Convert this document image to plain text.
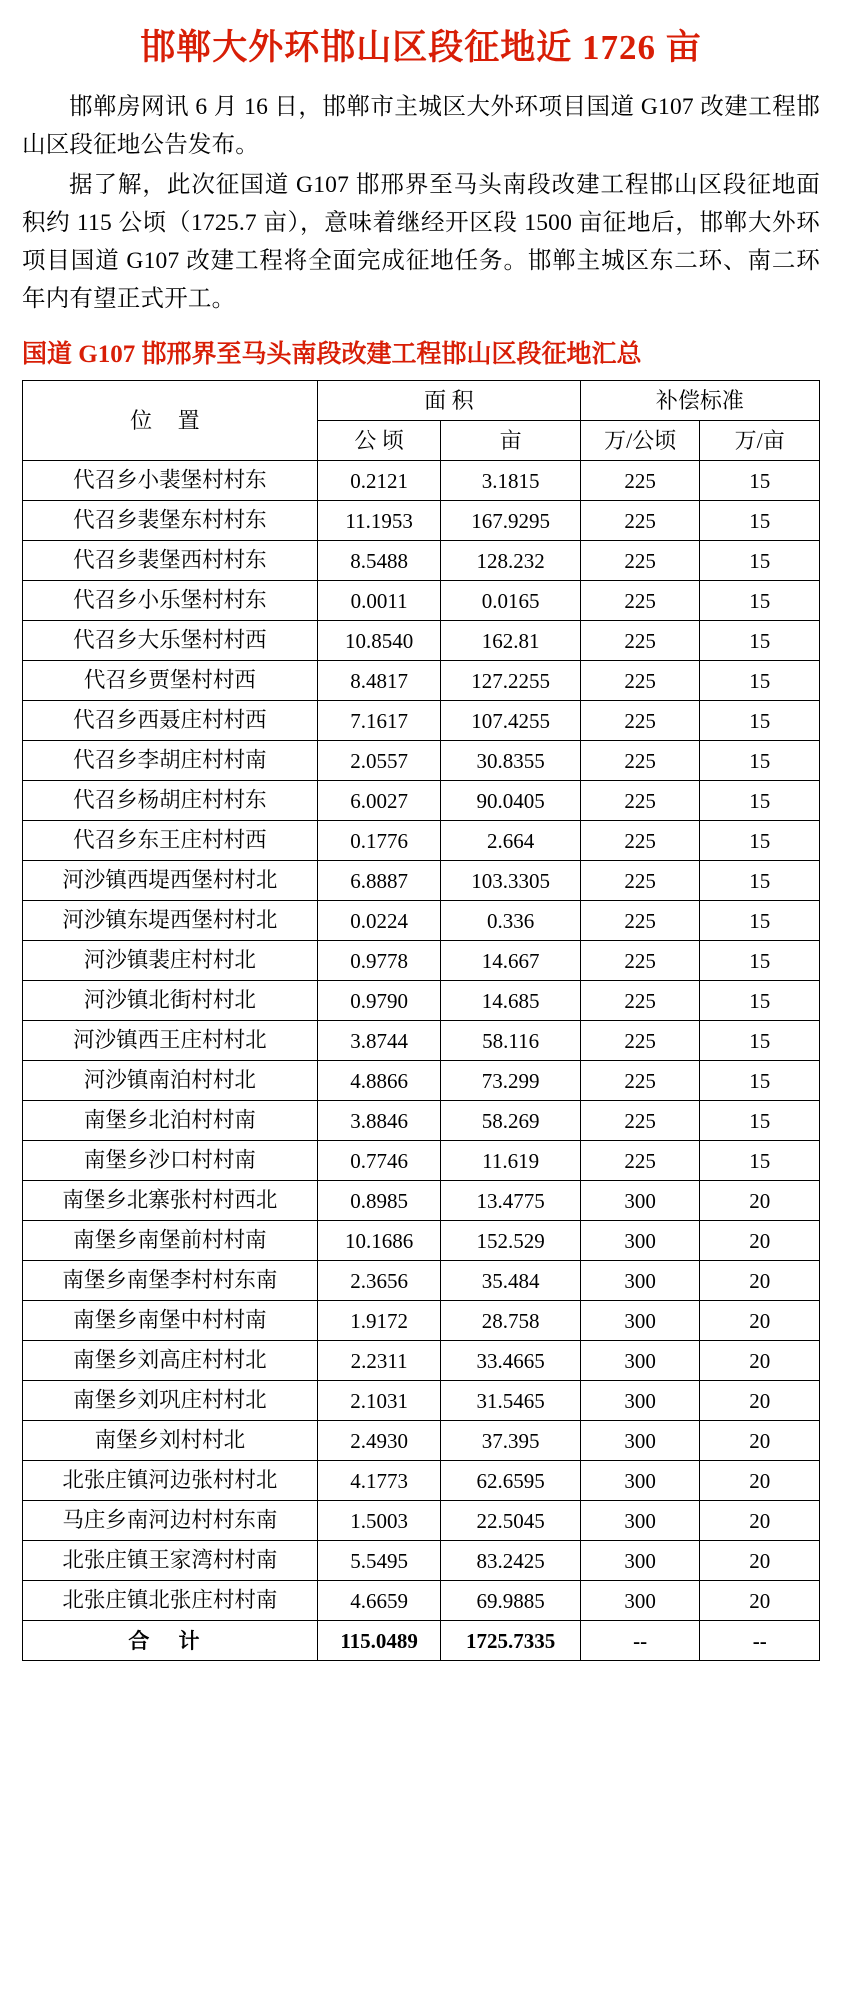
邯郸大外环邯山区段征地近 1726 亩

邯郸房网讯 6 月 16 日，邯郸市主城区大外环项目国道 G107 改建工程邯山区段征地公告发布。

据了解，此次征国道 G107 邯邢界至马头南段改建工程邯山区段征地面积约 115 公顷（1725.7 亩），意味着继经开区段 1500 亩征地后，邯郸大外环项目国道 G107 改建工程将全面完成征地任务。邯郸主城区东二环、南二环年内有望正式开工。

国道 G107 邯邢界至马头南段改建工程邯山区段征地汇总
位 置	面 积		补偿标准	
	公 顷	亩	万/公顷	万/亩
代召乡小裴堡村村东	0.2121	3.1815	225	15
代召乡裴堡东村村东	11.1953	167.9295	225	15
代召乡裴堡西村村东	8.5488	128.232	225	15
代召乡小乐堡村村东	0.0011	0.0165	225	15
代召乡大乐堡村村西	10.8540	162.81	225	15
代召乡贾堡村村西	8.4817	127.2255	225	15
代召乡西聂庄村村西	7.1617	107.4255	225	15
代召乡李胡庄村村南	2.0557	30.8355	225	15
代召乡杨胡庄村村东	6.0027	90.0405	225	15
代召乡东王庄村村西	0.1776	2.664	225	15
河沙镇西堤西堡村村北	6.8887	103.3305	225	15
河沙镇东堤西堡村村北	0.0224	0.336	225	15
河沙镇裴庄村村北	0.9778	14.667	225	15
河沙镇北街村村北	0.9790	14.685	225	15
河沙镇西王庄村村北	3.8744	58.116	225	15
河沙镇南泊村村北	4.8866	73.299	225	15
南堡乡北泊村村南	3.8846	58.269	225	15
南堡乡沙口村村南	0.7746	11.619	225	15
南堡乡北寨张村村西北	0.8985	13.4775	300	20
南堡乡南堡前村村南	10.1686	152.529	300	20
南堡乡南堡李村村东南	2.3656	35.484	300	20
南堡乡南堡中村村南	1.9172	28.758	300	20
南堡乡刘高庄村村北	2.2311	33.4665	300	20
南堡乡刘巩庄村村北	2.1031	31.5465	300	20
南堡乡刘村村北	2.4930	37.395	300	20
北张庄镇河边张村村北	4.1773	62.6595	300	20
马庄乡南河边村村东南	1.5003	22.5045	300	20
北张庄镇王家湾村村南	5.5495	83.2425	300	20
北张庄镇北张庄村村南	4.6659	69.9885	300	20
合 计	115.0489	1725.7335	--	--
